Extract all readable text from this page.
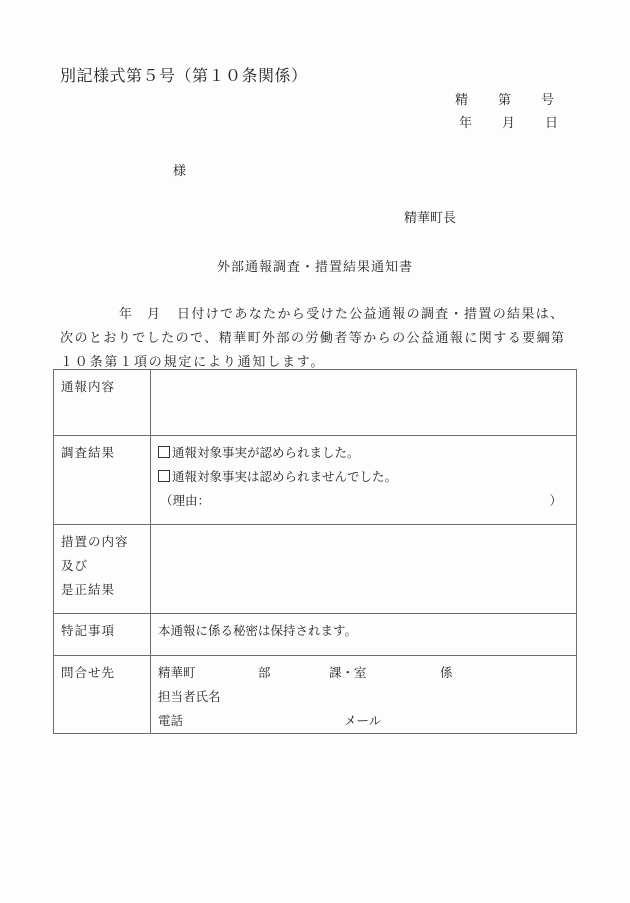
別記様式第５号（第１０条関係）
精 第 号
年 月 日
様
精華町長
外部通報調査・措置結果通知書
年 月 日付けであなたから受けた公益通報の調査・措置の結果は、
次のとおりでしたので、精華町外部の労働者等からの公益通報に関する要綱第
１０条第１項の規定により通知します。
通報内容	
調査結果	通報対象事実が認められました。
通報対象事実は認められませんでした。
（理由： ）

措置の内容
及び
是正結果	

特記事項	本通報に係る秘密は保持されます。
問合せ先	精華町	部	課・室	係
担当者氏名
電話	メール
